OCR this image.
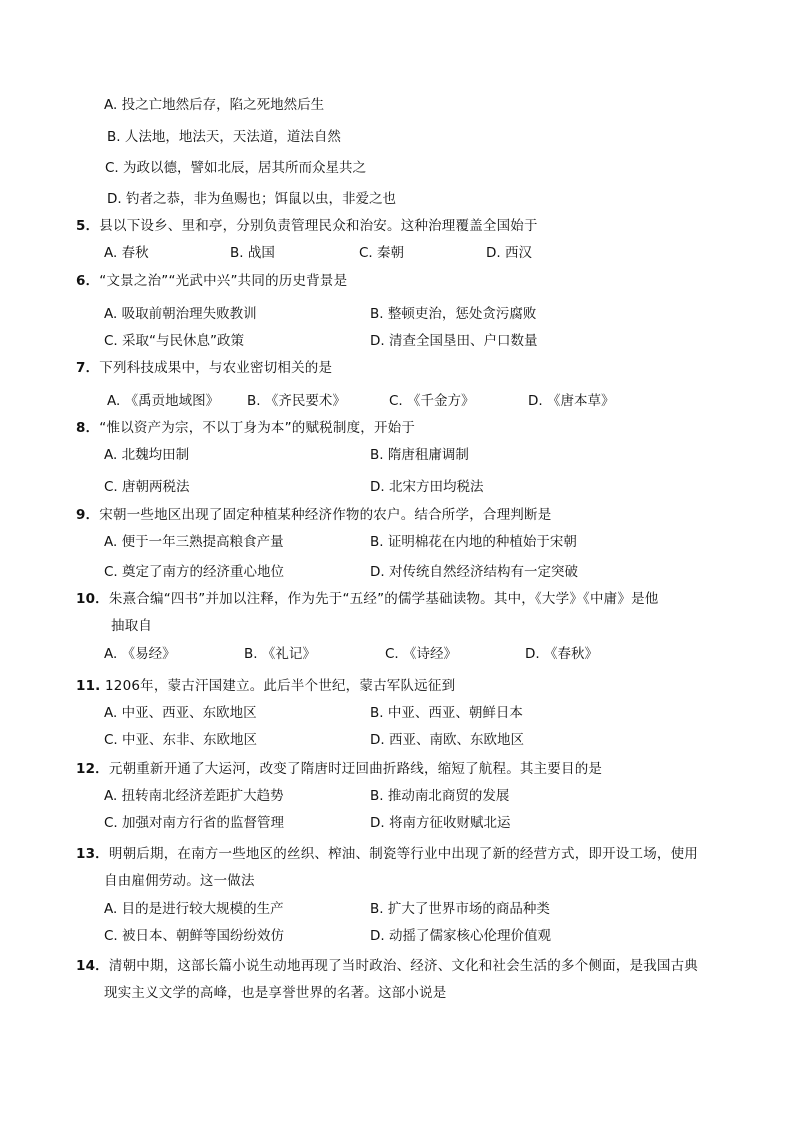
A. 投之亡地然后存，陷之死地然后生
B. 人法地，地法天，天法道，道法自然
C. 为政以德，譬如北辰，居其所而众星共之
D. 钓者之恭，非为鱼赐也；饵鼠以虫，非爱之也
5．县以下设乡、里和亭，分别负责管理民众和治安。这种治理覆盖全国始于
A. 春秋	B. 战国	C. 秦朝	D. 西汉
6．“文景之治”“光武中兴”共同的历史背景是
A. 吸取前朝治理失败教训	B. 整顿吏治，惩处贪污腐败
C. 采取“与民休息”政策	D. 清查全国垦田、户口数量
7．下列科技成果中，与农业密切相关的是
A. 《禹贡地域图》 B. 《齐民要术》	C. 《千金方》	D. 《唐本草》
8．“惟以资产为宗，不以丁身为本”的赋税制度，开始于
A. 北魏均田制	B. 隋唐租庸调制
C. 唐朝两税法	D. 北宋方田均税法
9．宋朝一些地区出现了固定种植某种经济作物的农户。结合所学，合理判断是
A. 便于一年三熟提高粮食产量	B. 证明棉花在内地的种植始于宋朝
C. 奠定了南方的经济重心地位	D. 对传统自然经济结构有一定突破
10．朱熹合编“四书”并加以注释，作为先于“五经”的儒学基础读物。其中，《大学》《中庸》是他
抽取自
A. 《易经》	B. 《礼记》	C. 《诗经》	D. 《春秋》
11. 1206年，蒙古汗国建立。此后半个世纪，蒙古军队远征到
A. 中亚、西亚、东欧地区	B. 中亚、西亚、朝鲜日本
C. 中亚、东非、东欧地区	D. 西亚、南欧、东欧地区
12．元朝重新开通了大运河，改变了隋唐时迂回曲折路线，缩短了航程。其主要目的是
A. 扭转南北经济差距扩大趋势	B. 推动南北商贸的发展
C. 加强对南方行省的监督管理	D. 将南方征收财赋北运
13．明朝后期，在南方一些地区的丝织、榨油、制瓷等行业中出现了新的经营方式，即开设工场，使用
自由雇佣劳动。这一做法
A. 目的是进行较大规模的生产	B. 扩大了世界市场的商品种类
C. 被日本、朝鲜等国纷纷效仿	D. 动摇了儒家核心伦理价值观
14．清朝中期，这部长篇小说生动地再现了当时政治、经济、文化和社会生活的多个侧面，是我国古典
现实主义文学的高峰，也是享誉世界的名著。这部小说是
